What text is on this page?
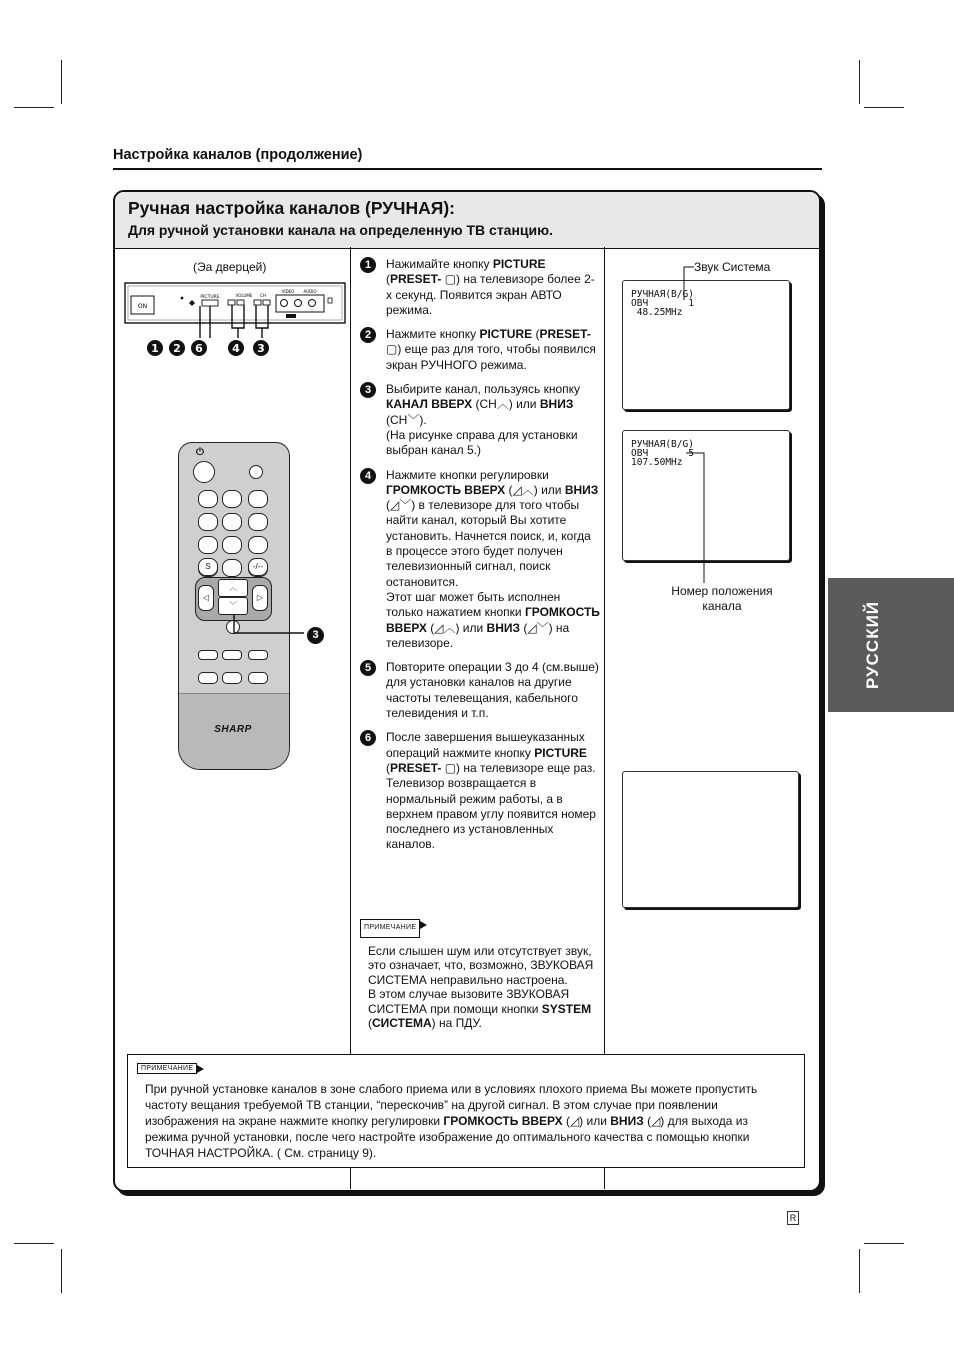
Настройка каналов (продолжение)
Ручная настройка каналов (РУЧНАЯ):
Для ручной установки канала на определенную ТВ станцию.
(Эа дверцей)
ON
PICTURE	VOLUME CH
VIDEO AUDIO
1 2 6	4 3
⏻
S	-/--
◁	▷
︿
﹀
SHARP
3
1	Нажимайте кнопку PICTURE (PRESET- ▢) на телевизоре более 2-х секунд. Появится экран АВТО режима.
2	Нажмите кнопку PICTURE (PRESET- ▢) еще раз для того, чтобы появился экран РУЧНОГО режима.
3	Выбирите канал, пользуясь кнопку КАНАЛ ВВЕРХ (CH︿) или ВНИЗ (CH﹀).
(На рисунке справа для установки выбран канал 5.)
4	Нажмите кнопки регулировки ГРОМКОСТЬ ВВЕРХ (◿︿) или ВНИЗ (◿﹀) в телевизоре для того чтобы найти канал, который Вы хотите установить. Начнется поиск, и, когда в процессе этого будет получен телевизионный сигнал, поиск остановится.
Этот шаг может быть исполнен только нажатием кнопки ГРОМКОСТЬ ВВЕРХ (◿︿) или ВНИЗ (◿﹀) на телевизоре.
5	Повторите операции 3 до 4 (см.выше) для установки каналов на другие частоты телевещания, кабельного телевидения и т.п.
6	После завершения вышеуказанных операций нажмите кнопку PICTURE (PRESET- ▢) на телевизоре еще раз. Телевизор возвращается в нормальный режим работы, а в верхнем правом углу появится номер последнего из установленных каналов.
ПРИМЕЧАНИЕ
Если слышен шум или отсутствует звук, это означает, что, возможно, ЗВУКОВАЯ СИСТЕМА неправильно настроена.
В этом случае вызовите ЗВУКОВАЯ СИСТЕМА при помощи кнопки SYSTEM (СИСТЕМА) на ПДУ.
Звук Система
РУЧНАЯ(B/G)
ОВЧ       1
48.25MHz
РУЧНАЯ(B/G)
ОВЧ       5
107.50MHz
Номер положения канала	РУССКИЙ
ПРИМЕЧАНИЕ
При ручной установке каналов в зоне слабого приема или в условиях плохого приема Вы можете пропустить частоту вещания требуемой ТВ станции, “перескочив” на другой сигнал. В этом случае при появлении изображения на экране нажмите кнопку регулировки ГРОМКОСТЬ ВВЕРХ (◿) или ВНИЗ (◿) для выхода из режима ручной установки, после чего настройте изображение до оптимального качества с помощью кнопки ТОЧНАЯ НАСТРОЙКА. ( См. страницу 9).
R
